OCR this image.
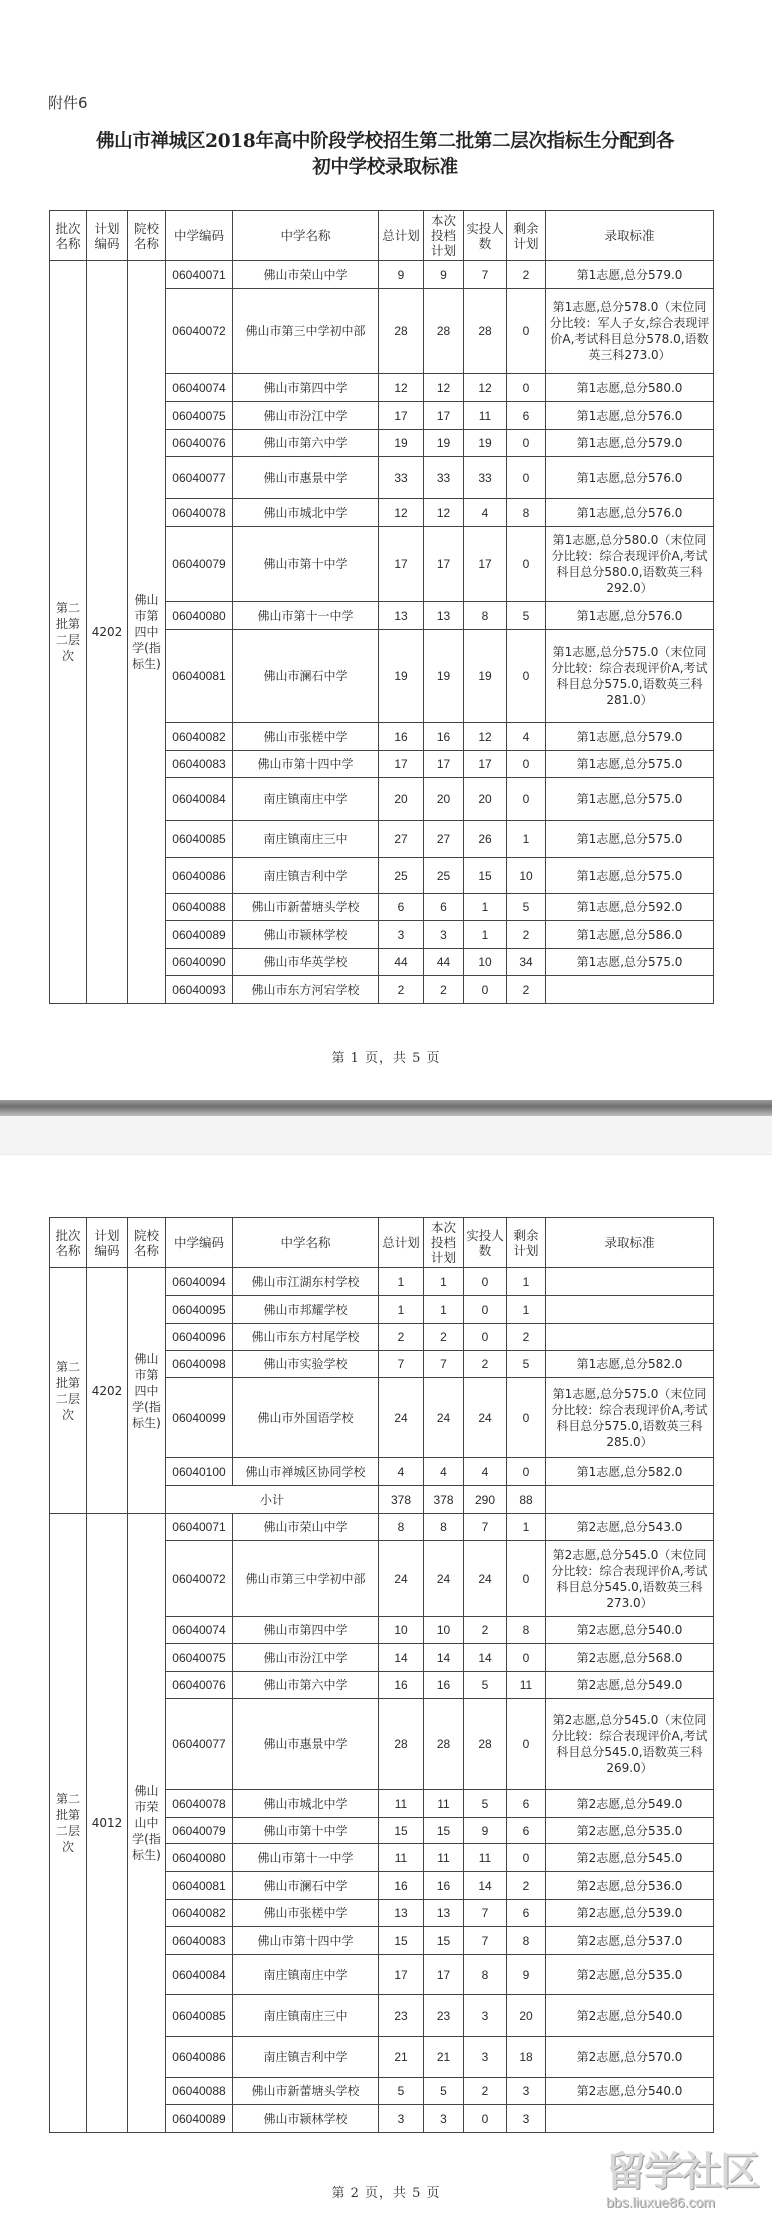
附件6
佛山市禅城区2018年高中阶段学校招生第二批第二层次指标生分配到各
初中学校录取标准
批次名称	计划编码	院校名称	中学编码	中学名称	总计划	本次投档计划	实投人数	剩余计划	录取标准
第二批第二层次	4202	佛山市第四中学(指标生)	06040071	佛山市荣山中学	9	9	7	2	第1志愿,总分579.0
			06040072	佛山市第三中学初中部	28	28	28	0	第1志愿,总分578.0（末位同分比较：军人子女,综合表现评价A,考试科目总分578.0,语数英三科273.0）
			06040074	佛山市第四中学	12	12	12	0	第1志愿,总分580.0
			06040075	佛山市汾江中学	17	17	11	6	第1志愿,总分576.0
			06040076	佛山市第六中学	19	19	19	0	第1志愿,总分579.0
			06040077	佛山市惠景中学	33	33	33	0	第1志愿,总分576.0
			06040078	佛山市城北中学	12	12	4	8	第1志愿,总分576.0
			06040079	佛山市第十中学	17	17	17	0	第1志愿,总分580.0（末位同分比较：综合表现评价A,考试科目总分580.0,语数英三科292.0）
			06040080	佛山市第十一中学	13	13	8	5	第1志愿,总分576.0
			06040081	佛山市澜石中学	19	19	19	0	第1志愿,总分575.0（末位同分比较：综合表现评价A,考试科目总分575.0,语数英三科281.0）
			06040082	佛山市张槎中学	16	16	12	4	第1志愿,总分579.0
			06040083	佛山市第十四中学	17	17	17	0	第1志愿,总分575.0
			06040084	南庄镇南庄中学	20	20	20	0	第1志愿,总分575.0
			06040085	南庄镇南庄三中	27	27	26	1	第1志愿,总分575.0
			06040086	南庄镇吉利中学	25	25	15	10	第1志愿,总分575.0
			06040088	佛山市新蕾塘头学校	6	6	1	5	第1志愿,总分592.0
			06040089	佛山市颍林学校	3	3	1	2	第1志愿,总分586.0
			06040090	佛山市华英学校	44	44	10	34	第1志愿,总分575.0
			06040093	佛山市东方河宕学校	2	2	0	2	
第 1 页，共 5 页
批次名称	计划编码	院校名称	中学编码	中学名称	总计划	本次投档计划	实投人数	剩余计划	录取标准
第二批第二层次	4202	佛山市第四中学(指标生)	06040094	佛山市江湖东村学校	1	1	0	1	
			06040095	佛山市邦耀学校	1	1	0	1	
			06040096	佛山市东方村尾学校	2	2	0	2	
			06040098	佛山市实验学校	7	7	2	5	第1志愿,总分582.0
			06040099	佛山市外国语学校	24	24	24	0	第1志愿,总分575.0（末位同分比较：综合表现评价A,考试科目总分575.0,语数英三科285.0）
			06040100	佛山市禅城区协同学校	4	4	4	0	第1志愿,总分582.0
			小计		378	378	290	88	
第二批第二层次	4012	佛山市荣山中学(指标生)	06040071	佛山市荣山中学	8	8	7	1	第2志愿,总分543.0
			06040072	佛山市第三中学初中部	24	24	24	0	第2志愿,总分545.0（末位同分比较：综合表现评价A,考试科目总分545.0,语数英三科273.0）
			06040074	佛山市第四中学	10	10	2	8	第2志愿,总分540.0
			06040075	佛山市汾江中学	14	14	14	0	第2志愿,总分568.0
			06040076	佛山市第六中学	16	16	5	11	第2志愿,总分549.0
			06040077	佛山市惠景中学	28	28	28	0	第2志愿,总分545.0（末位同分比较：综合表现评价A,考试科目总分545.0,语数英三科269.0）
			06040078	佛山市城北中学	11	11	5	6	第2志愿,总分549.0
			06040079	佛山市第十中学	15	15	9	6	第2志愿,总分535.0
			06040080	佛山市第十一中学	11	11	11	0	第2志愿,总分545.0
			06040081	佛山市澜石中学	16	16	14	2	第2志愿,总分536.0
			06040082	佛山市张槎中学	13	13	7	6	第2志愿,总分539.0
			06040083	佛山市第十四中学	15	15	7	8	第2志愿,总分537.0
			06040084	南庄镇南庄中学	17	17	8	9	第2志愿,总分535.0
			06040085	南庄镇南庄三中	23	23	3	20	第2志愿,总分540.0
			06040086	南庄镇吉利中学	21	21	3	18	第2志愿,总分570.0
			06040088	佛山市新蕾塘头学校	5	5	2	3	第2志愿,总分540.0
			06040089	佛山市颍林学校	3	3	0	3	
第 2 页，共 5 页	留学社区
bbs.liuxue86.com
